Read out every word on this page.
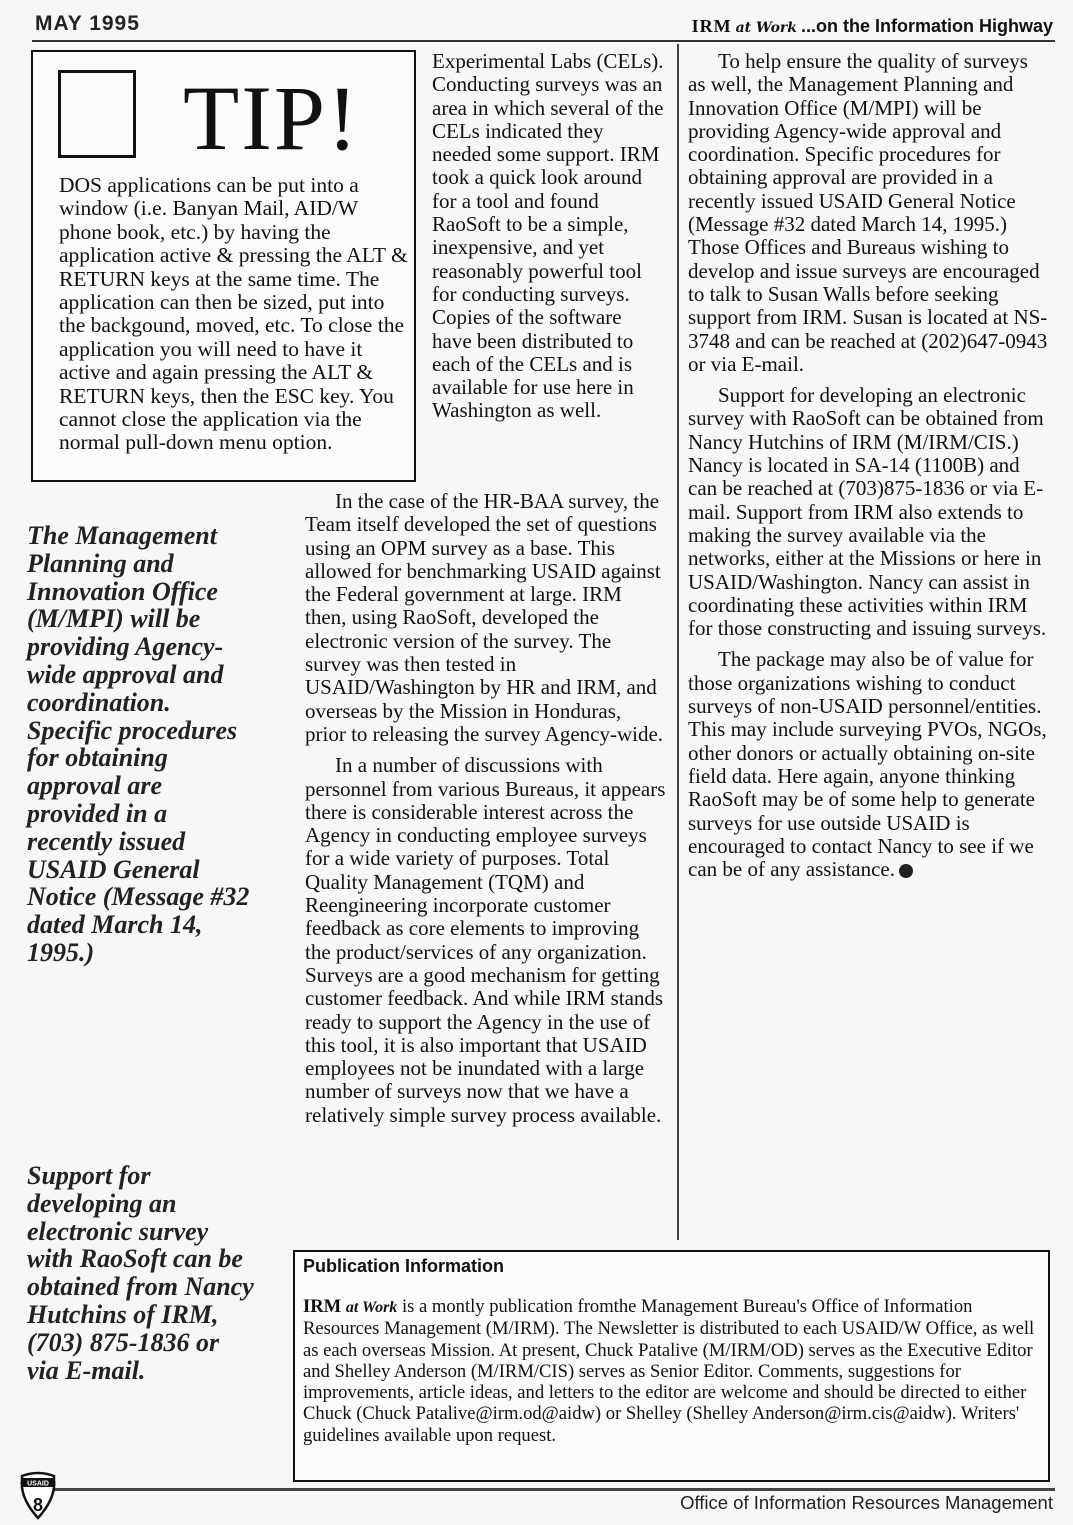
MAY 1995	IRM at Work ...on the Information Highway
TIP!
DOS applications can be put into a window (i.e. Banyan Mail, AID/W phone book, etc.) by having the application active & pressing the ALT & RETURN keys at the same time. The application can then be sized, put into the backgound, moved, etc. To close the application you will need to have it active and again pressing the ALT & RETURN keys, then the ESC key. You cannot close the application via the normal pull-down menu option.

Experimental Labs (CELs). Conducting surveys was an area in which several of the CELs indicated they needed some support. IRM took a quick look around for a tool and found RaoSoft to be a simple, inexpensive, and yet reasonably powerful tool for conducting surveys. Copies of the software have been distributed to each of the CELs and is available for use here in Washington as well.

In the case of the HR-BAA survey, the Team itself developed the set of questions using an OPM survey as a base. This allowed for benchmarking USAID against the Federal government at large. IRM then, using RaoSoft, developed the electronic version of the survey. The survey was then tested in USAID/Washington by HR and IRM, and overseas by the Mission in Honduras, prior to releasing the survey Agency-wide.

In a number of discussions with personnel from various Bureaus, it appears there is considerable interest across the Agency in conducting employee surveys for a wide variety of purposes. Total Quality Management (TQM) and Reengineering incorporate customer feedback as core elements to improving the product/services of any organization. Surveys are a good mechanism for getting customer feedback. And while IRM stands ready to support the Agency in the use of this tool, it is also important that USAID employees not be inundated with a large number of surveys now that we have a relatively simple survey process available.

To help ensure the quality of surveys as well, the Management Planning and Innovation Office (M/MPI) will be providing Agency-wide approval and coordination. Specific procedures for obtaining approval are provided in a recently issued USAID General Notice (Message #32 dated March 14, 1995.) Those Offices and Bureaus wishing to develop and issue surveys are encouraged to talk to Susan Walls before seeking support from IRM. Susan is located at NS-3748 and can be reached at (202)647-0943 or via E-mail.

Support for developing an electronic survey with RaoSoft can be obtained from Nancy Hutchins of IRM (M/IRM/CIS.) Nancy is located in SA-14 (1100B) and can be reached at (703)875-1836 or via E-mail. Support from IRM also extends to making the survey available via the networks, either at the Missions or here in USAID/Washington. Nancy can assist in coordinating these activities within IRM for those constructing and issuing surveys.

The package may also be of value for those organizations wishing to conduct surveys of non-USAID personnel/entities. This may include surveying PVOs, NGOs, other donors or actually obtaining on-site field data. Here again, anyone thinking RaoSoft may be of some help to generate surveys for use outside USAID is encouraged to contact Nancy to see if we can be of any assistance.

The Management Planning and Innovation Office (M/MPI) will be providing Agency-wide approval and coordination. Specific procedures for obtaining approval are provided in a recently issued USAID General Notice (Message #32 dated March 14, 1995.)
Support for developing an electronic survey with RaoSoft can be obtained from Nancy Hutchins of IRM, (703) 875-1836 or via E-mail.
Publication Information
IRM at Work is a montly publication fromthe Management Bureau's Office of Information Resources Management (M/IRM). The Newsletter is distributed to each USAID/W Office, as well as each overseas Mission. At present, Chuck Patalive (M/IRM/OD) serves as the Executive Editor and Shelley Anderson (M/IRM/CIS) serves as Senior Editor. Comments, suggestions for improvements, article ideas, and letters to the editor are welcome and should be directed to either Chuck (Chuck Patalive@irm.od@aidw) or Shelley (Shelley Anderson@irm.cis@aidw). Writers' guidelines available upon request.
USAID
8	Office of Information Resources Management
